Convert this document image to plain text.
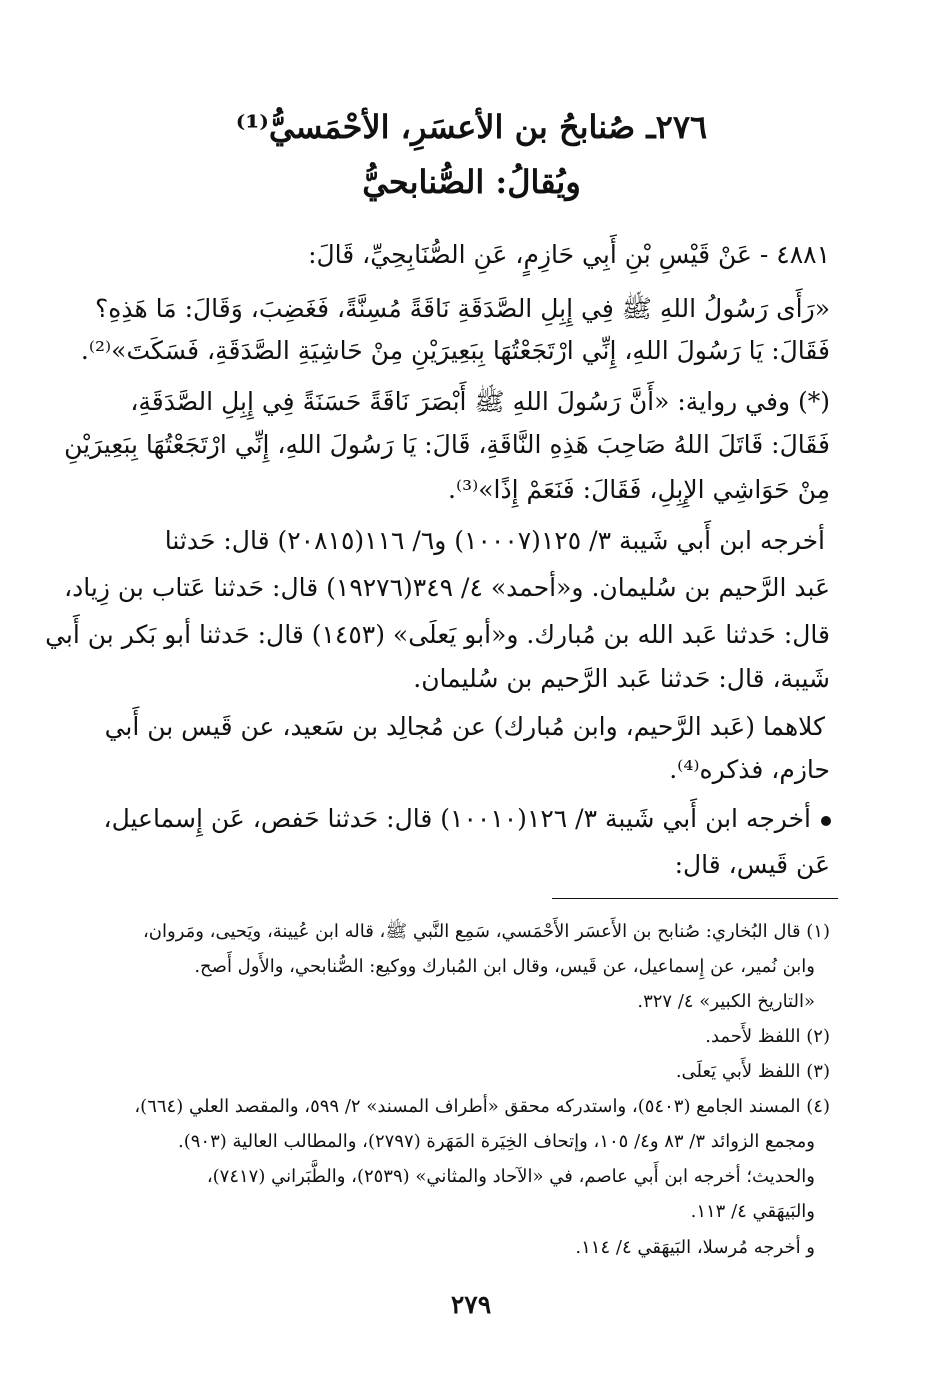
٢٧٦ـ صُنابحُ بن الأعسَرِ، الأحْمَسيُّ⁽¹⁾
ويُقالُ: الصُّنابحيُّ
٤٨٨١ - عَنْ قَيْسِ بْنِ أَبِي حَازِمٍ، عَنِ الصُّنَابِحِيِّ، قَالَ:
«رَأَى رَسُولُ اللهِ ﷺ فِي إِبِلِ الصَّدَقَةِ نَاقَةً مُسِنَّةً، فَغَضِبَ، وَقَالَ: مَا هَذِهِ؟
فَقَالَ: يَا رَسُولَ اللهِ، إِنِّي ارْتَجَعْتُهَا بِبَعِيرَيْنِ مِنْ حَاشِيَةِ الصَّدَقَةِ، فَسَكَتَ»⁽²⁾.
(*) وفي رواية: «أَنَّ رَسُولَ اللهِ ﷺ أَبْصَرَ نَاقَةً حَسَنَةً فِي إِبِلِ الصَّدَقَةِ،
فَقَالَ: قَاتَلَ اللهُ صَاحِبَ هَذِهِ النَّاقَةِ، قَالَ: يَا رَسُولَ اللهِ، إِنِّي ارْتَجَعْتُهَا بِبَعِيرَيْنِ
مِنْ حَوَاشِي الإِبِلِ، فَقَالَ: فَنَعَمْ إِذًا»⁽³⁾.
أخرجه ابن أَبي شَيبة ٣/ ١٢٥(١٠٠٠٧) و٦/ ١١٦(٢٠٨١٥) قال: حَدثنا
عَبد الرَّحيم بن سُليمان. و«أحمد» ٤/ ٣٤٩(١٩٢٧٦) قال: حَدثنا عَتاب بن زِياد،
قال: حَدثنا عَبد الله بن مُبارك. و«أبو يَعلَى» (١٤٥٣) قال: حَدثنا أبو بَكر بن أَبي
شَيبة، قال: حَدثنا عَبد الرَّحيم بن سُليمان.
كلاهما (عَبد الرَّحيم، وابن مُبارك) عن مُجالِد بن سَعيد، عن قَيس بن أَبي
حازم، فذكره⁽⁴⁾.
أخرجه ابن أَبي شَيبة ٣/ ١٢٦(١٠٠١٠) قال: حَدثنا حَفص، عَن إِسماعيل،
عَن قَيس، قال:
(١) قال البُخاري: صُنابح بن الأَعسَر الأَحْمَسي، سَمِع النَّبي ﷺ، قاله ابن عُيينة، ويَحيى، ومَروان،
وابن نُمير، عن إِسماعيل، عن قَيس، وقال ابن المُبارك ووكيع: الصُّنابحي، والأَول أَصح.
«التاريخ الكبير» ٤/ ٣٢٧.
(٢) اللفظ لأَحمد.
(٣) اللفظ لأَبي يَعلَى.
(٤) المسند الجامع (٥٤٠٣)، واستدركه محقق «أطراف المسند» ٢/ ٥٩٩، والمقصد العلي (٦٦٤)،
ومجمع الزوائد ٣/ ٨٣ و٤/ ١٠٥، وإتحاف الخِيَرة المَهَرة (٢٧٩٧)، والمطالب العالية (٩٠٣).
والحديث؛ أخرجه ابن أَبي عاصم، في «الآحاد والمثاني» (٢٥٣٩)، والطَّبَراني (٧٤١٧)،
والبَيهَقي ٤/ ١١٣.
و أخرجه مُرسلا، البَيهَقي ٤/ ١١٤.
٢٧٩
